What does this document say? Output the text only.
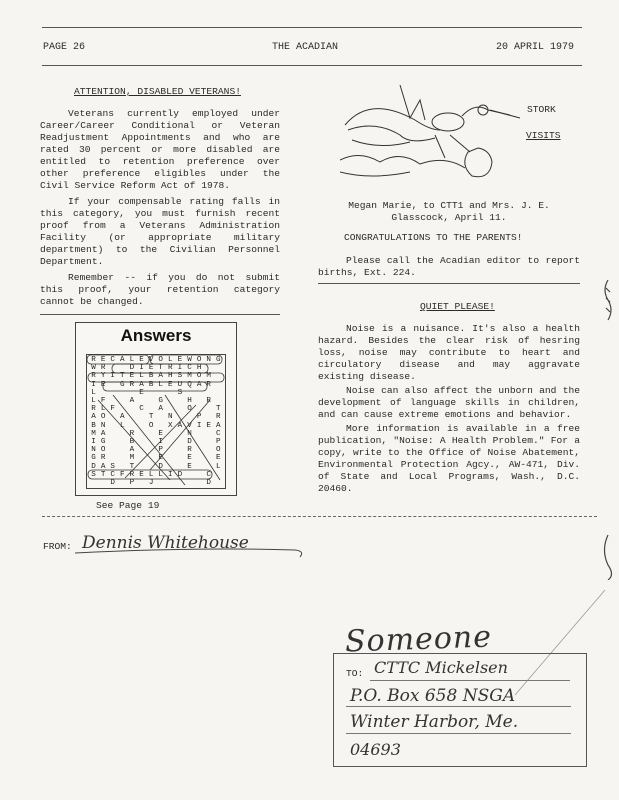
PAGE 26	THE ACADIAN	20 APRIL 1979
ATTENTION, DISABLED VETERANS!

Veterans currently employed under Career/Career Conditional or Veteran Readjustment Appointments and who are rated 30 percent or more disabled are entitled to retention preference over other preference eligibles under the Civil Service Reform Act of 1978.

If your compensable rating falls in this category, you must furnish recent proof from a Veterans Administration Facility (or appropriate military department) to the Civilian Personnel Department.

Remember -- if you do not submit this proof, your retention category cannot be changed.

Answers
R E C A L E V O L E W O N G
W R	D I E T R I C H
R Y I T E L B A H S M O M
I E G R A B L E U Q A R
L	E	S
L F	A	G	H R
R L F	C A	O	T
A O A	T N	P R
B N L	O X A V I E A
M A	R	E	N	C
I G	B	I	D	P
N O	A	P	R	O
G R	M	E	E	E
D A S T	D	E	L
S T C F R E L L I D	C
D P J	D
See Page 19
STORK
VISITS
Megan Marie, to CTT1 and Mrs. J. E. Glasscock, April 11.
CONGRATULATIONS TO THE PARENTS!

Please call the Acadian editor to report births, Ext. 224.

QUIET PLEASE!

Noise is a nuisance. It's also a health hazard. Besides the clear risk of hesring loss, noise may contribute to heart and circulatory disease and may aggravate existing disease.

Noise can also affect the unborn and the development of language skills in children, and can cause extreme emotions and behavior.

More information is available in a free publication, "Noise: A Health Problem." For a copy, write to the Office of Noise Abatement, Environmental Protection Agcy., AW-471, Div. of State and Local Programs, Wash., D.C. 20460.

FROM: Dennis Whitehouse
Someone
TO: CTTC Mickelsen
P.O. Box 658 NSGA
Winter Harbor, Me.
04693
